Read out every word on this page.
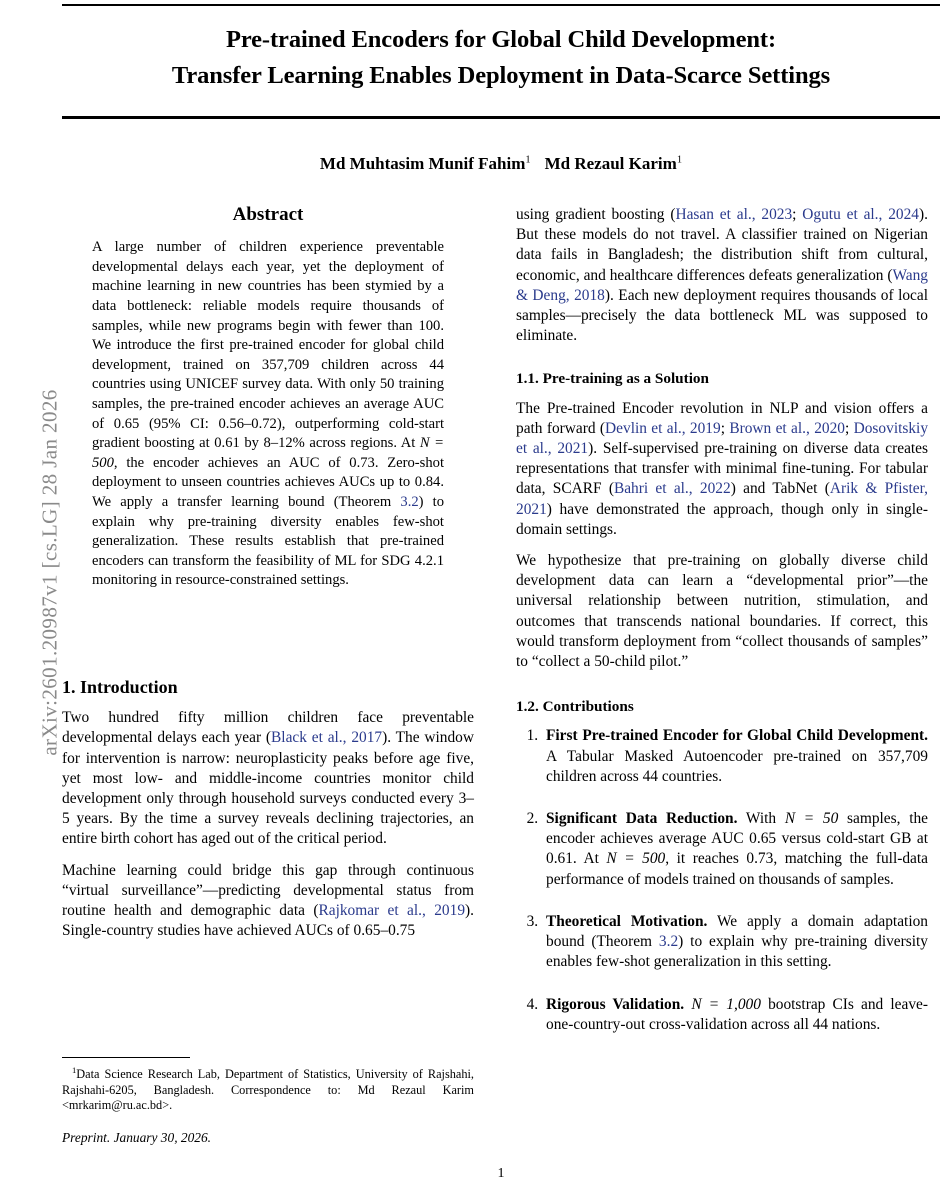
arXiv:2601.20987v1 [cs.LG] 28 Jan 2026
Pre-trained Encoders for Global Child Development:
Transfer Learning Enables Deployment in Data-Scarce Settings
Md Muhtasim Munif Fahim$^1$ Md Rezaul Karim$^1$
Abstract
A large number of children experience preventable developmental delays each year, yet the deployment of machine learning in new countries has been stymied by a data bottleneck: reliable models require thousands of samples, while new programs begin with fewer than 100. We introduce the first pre-trained encoder for global child development, trained on 357,709 children across 44 countries using UNICEF survey data. With only 50 training samples, the pre-trained encoder achieves an average AUC of 0.65 (95% CI: 0.56–0.72), outperforming cold-start gradient boosting at 0.61 by 8–12% across regions. At N = 500, the encoder achieves an AUC of 0.73. Zero-shot deployment to unseen countries achieves AUCs up to 0.84. We apply a transfer learning bound (Theorem 3.2) to explain why pre-training diversity enables few-shot generalization. These results establish that pre-trained encoders can transform the feasibility of ML for SDG 4.2.1 monitoring in resource-constrained settings.
1. Introduction

Two hundred fifty million children face preventable developmental delays each year (Black et al., 2017). The window for intervention is narrow: neuroplasticity peaks before age five, yet most low- and middle-income countries monitor child development only through household surveys conducted every 3–5 years. By the time a survey reveals declining trajectories, an entire birth cohort has aged out of the critical period.

Machine learning could bridge this gap through continuous “virtual surveillance”—predicting developmental status from routine health and demographic data (Rajkomar et al., 2019). Single-country studies have achieved AUCs of 0.65–0.75

using gradient boosting (Hasan et al., 2023; Ogutu et al., 2024). But these models do not travel. A classifier trained on Nigerian data fails in Bangladesh; the distribution shift from cultural, economic, and healthcare differences defeats generalization (Wang & Deng, 2018). Each new deployment requires thousands of local samples—precisely the data bottleneck ML was supposed to eliminate.

1.1. Pre-training as a Solution

The Pre-trained Encoder revolution in NLP and vision offers a path forward (Devlin et al., 2019; Brown et al., 2020; Dosovitskiy et al., 2021). Self-supervised pre-training on diverse data creates representations that transfer with minimal fine-tuning. For tabular data, SCARF (Bahri et al., 2022) and TabNet (Arik & Pfister, 2021) have demonstrated the approach, though only in single-domain settings.

We hypothesize that pre-training on globally diverse child development data can learn a “developmental prior”—the universal relationship between nutrition, stimulation, and outcomes that transcends national boundaries. If correct, this would transform deployment from “collect thousands of samples” to “collect a 50-child pilot.”

1.2. Contributions
1. First Pre-trained Encoder for Global Child Development. A Tabular Masked Autoencoder pre-trained on 357,709 children across 44 countries.
2. Significant Data Reduction. With N = 50 samples, the encoder achieves average AUC 0.65 versus cold-start GB at 0.61. At N = 500, it reaches 0.73, matching the full-data performance of models trained on thousands of samples.
3. Theoretical Motivation. We apply a domain adaptation bound (Theorem 3.2) to explain why pre-training diversity enables few-shot generalization in this setting.
4. Rigorous Validation. N = 1,000 bootstrap CIs and leave-one-country-out cross-validation across all 44 nations.
$^1$Data Science Research Lab, Department of Statistics, University of Rajshahi, Rajshahi-6205, Bangladesh. Correspondence to: Md Rezaul Karim <mrkarim@ru.ac.bd>.
Preprint. January 30, 2026.
1
